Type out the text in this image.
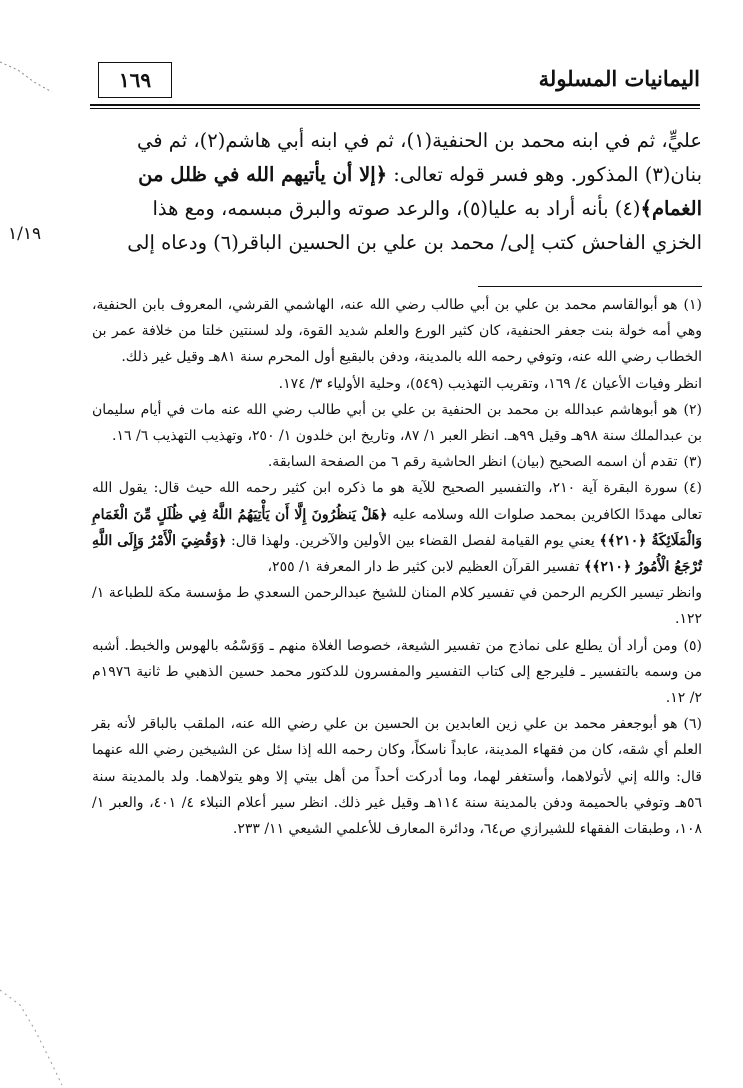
اليمانيات المسلولة
١٦٩

عليٍّ، ثم في ابنه محمد بن الحنفية(١)، ثم في ابنه أبي هاشم(٢)، ثم في

بنان(٣) المذكور. وهو فسر قوله تعالى: ﴿إلا أن يأتيهم الله في ظلل من

الغمام﴾(٤) بأنه أراد به عليا(٥)، والرعد صوته والبرق مبسمه، ومع هذا

الخزي الفاحش كتب إلى/ محمد بن علي بن الحسين الباقر(٦) ودعاه إلى

١/١٩

(١)هو أبوالقاسم محمد بن علي بن أبي طالب رضي الله عنه، الهاشمي القرشي، المعروف بابن الحنفية، وهي أمه خولة بنت جعفر الحنفية، كان كثير الورع والعلم شديد القوة، ولد لسنتين خلتا من خلافة عمر بن الخطاب رضي الله عنه، وتوفي رحمه الله بالمدينة، ودفن بالبقيع أول المحرم سنة ٨١هـ وقيل غير ذلك.

انظر وفيات الأعيان ٤/ ١٦٩، وتقريب التهذيب (٥٤٩)، وحلية الأولياء ٣/ ١٧٤.

(٢)هو أبوهاشم عبدالله بن محمد بن الحنفية بن علي بن أبي طالب رضي الله عنه مات في أيام سليمان بن عبدالملك سنة ٩٨هـ وقيل ٩٩هـ. انظر العبر ١/ ٨٧، وتاريخ ابن خلدون ١/ ٢٥٠، وتهذيب التهذيب ٦/ ١٦.

(٣)تقدم أن اسمه الصحيح (بيان) انظر الحاشية رقم ٦ من الصفحة السابقة.

(٤)سورة البقرة آية ٢١٠، والتفسير الصحيح للآية هو ما ذكره ابن كثير رحمه الله حيث قال: يقول الله تعالى مهددًا الكافرين بمحمد صلوات الله وسلامه عليه ﴿هَلْ يَنظُرُونَ إِلَّا أَن يَأْتِيَهُمُ اللَّهُ فِي ظُلَلٍ مِّنَ الْغَمَامِ وَالْمَلَائِكَةُ ﴿٢١٠﴾﴾ يعني يوم القيامة لفصل القضاء بين الأولين والآخرين. ولهذا قال: ﴿وَقُضِيَ الْأَمْرُ وَإِلَى اللَّهِ تُرْجَعُ الْأُمُورُ ﴿٢١٠﴾﴾ تفسير القرآن العظيم لابن كثير ط دار المعرفة ١/ ٢٥٥،

وانظر تيسير الكريم الرحمن في تفسير كلام المنان للشيخ عبدالرحمن السعدي ط مؤسسة مكة للطباعة ١/ ١٢٢.

(٥)ومن أراد أن يطلع على نماذج من تفسير الشيعة، خصوصا الغلاة منهم ـ وَوَسْمُه بالهوس والخبط. أشبه من وسمه بالتفسير ـ فليرجع إلى كتاب التفسير والمفسرون للدكتور محمد حسين الذهبي ط ثانية ١٩٧٦م ٢/ ١٢.

(٦)هو أبوجعفر محمد بن علي زين العابدين بن الحسين بن علي رضي الله عنه، الملقب بالباقر لأنه بقر العلم أي شقه، كان من فقهاء المدينة، عابداً ناسكاً، وكان رحمه الله إذا سئل عن الشيخين رضي الله عنهما قال: والله إني لأتولاهما، وأستغفر لهما، وما أدركت أحداً من أهل بيتي إلا وهو يتولاهما. ولد بالمدينة سنة ٥٦هـ وتوفي بالحميمة ودفن بالمدينة سنة ١١٤هـ وقيل غير ذلك. انظر سير أعلام النبلاء ٤/ ٤٠١، والعبر ١/ ١٠٨، وطبقات الفقهاء للشيرازي ص٦٤، ودائرة المعارف للأعلمي الشيعي ١١/ ٢٣٣.
